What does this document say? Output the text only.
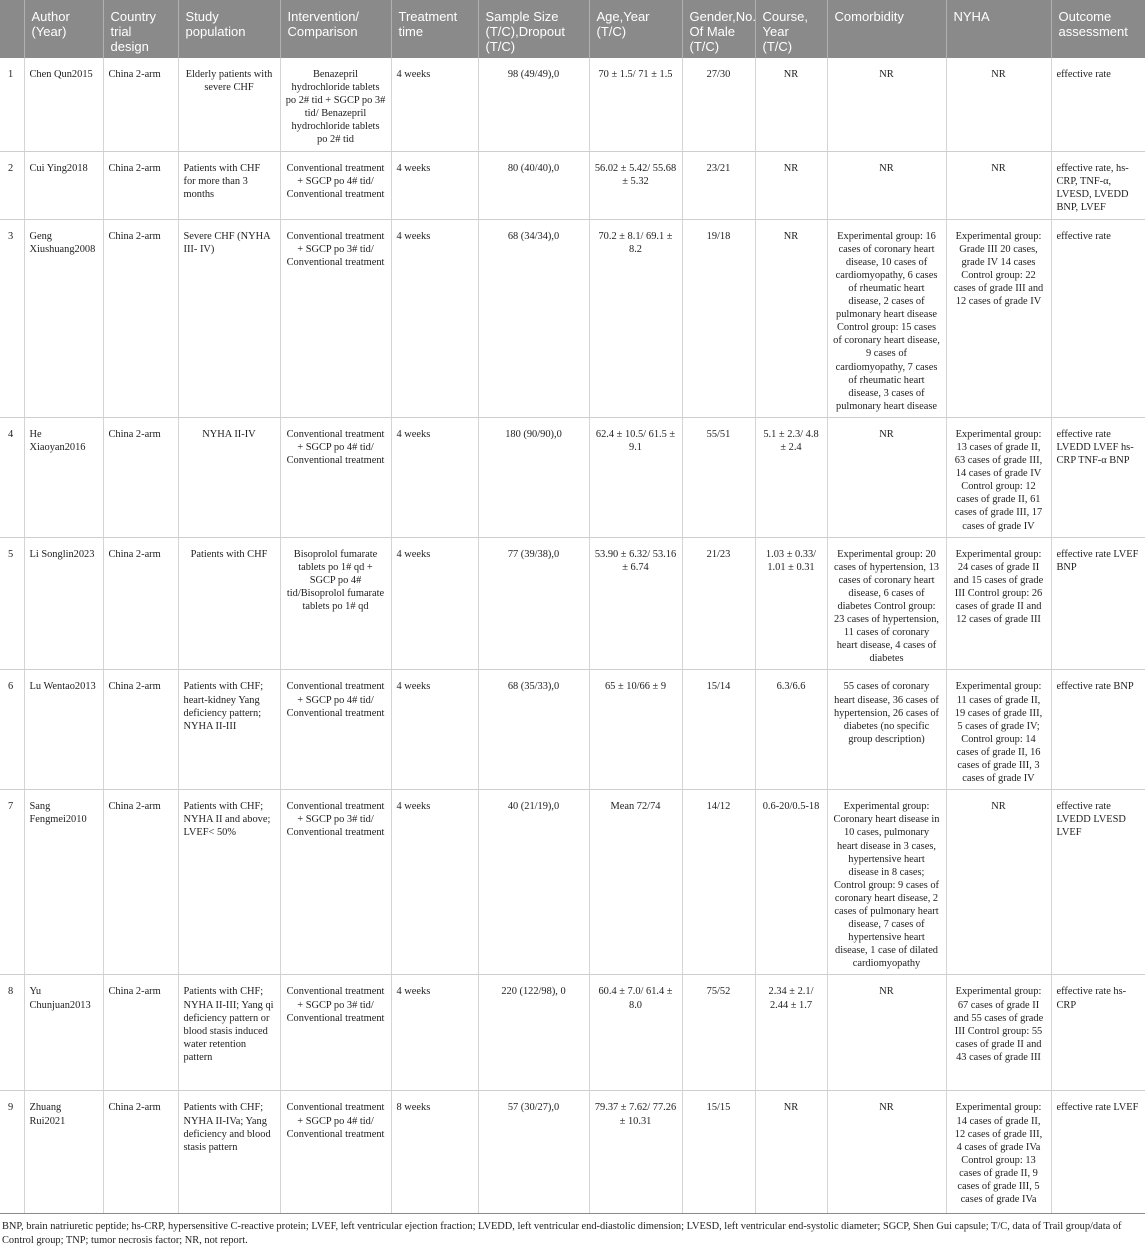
	Author (Year)	Country trial design	Study population	Intervention/ Comparison	Treatment time	Sample Size (T/C),Dropout (T/C)	Age,Year (T/C)	Gender,No. Of Male (T/C)	Course, Year (T/C)	Comorbidity	NYHA	Outcome assessment
1	Chen Qun2015	China 2-arm	Elderly patients with severe CHF	Benazepril hydrochloride tablets po 2# tid + SGCP po 3# tid/ Benazepril hydrochloride tablets po 2# tid	4 weeks	98 (49/49),0	70 ± 1.5/ 71 ± 1.5	27/30	NR	NR	NR	effective rate
2	Cui Ying2018	China 2-arm	Patients with CHF for more than 3 months	Conventional treatment + SGCP po 4# tid/ Conventional treatment	4 weeks	80 (40/40),0	56.02 ± 5.42/ 55.68 ± 5.32	23/21	NR	NR	NR	effective rate, hs-CRP, TNF-α, LVESD, LVEDD BNP, LVEF
3	Geng Xiushuang2008	China 2-arm	Severe CHF (NYHA III- IV)	Conventional treatment + SGCP po 3# tid/ Conventional treatment	4 weeks	68 (34/34),0	70.2 ± 8.1/ 69.1 ± 8.2	19/18	NR	Experimental group: 16 cases of coronary heart disease, 10 cases of cardiomyopathy, 6 cases of rheumatic heart disease, 2 cases of pulmonary heart disease Control group: 15 cases of coronary heart disease, 9 cases of cardiomyopathy, 7 cases of rheumatic heart disease, 3 cases of pulmonary heart disease	Experimental group: Grade III 20 cases, grade IV 14 cases Control group: 22 cases of grade III and 12 cases of grade IV	effective rate
4	He Xiaoyan2016	China 2-arm	NYHA II-IV	Conventional treatment + SGCP po 4# tid/ Conventional treatment	4 weeks	180 (90/90),0	62.4 ± 10.5/ 61.5 ± 9.1	55/51	5.1 ± 2.3/ 4.8 ± 2.4	NR	Experimental group: 13 cases of grade II, 63 cases of grade III, 14 cases of grade IV Control group: 12 cases of grade II, 61 cases of grade III, 17 cases of grade IV	effective rate LVEDD LVEF hs-CRP TNF-α BNP
5	Li Songlin2023	China 2-arm	Patients with CHF	Bisoprolol fumarate tablets po 1# qd + SGCP po 4# tid/Bisoprolol fumarate tablets po 1# qd	4 weeks	77 (39/38),0	53.90 ± 6.32/ 53.16 ± 6.74	21/23	1.03 ± 0.33/ 1.01 ± 0.31	Experimental group: 20 cases of hypertension, 13 cases of coronary heart disease, 6 cases of diabetes Control group: 23 cases of hypertension, 11 cases of coronary heart disease, 4 cases of diabetes	Experimental group: 24 cases of grade II and 15 cases of grade III Control group: 26 cases of grade II and 12 cases of grade III	effective rate LVEF BNP
6	Lu Wentao2013	China 2-arm	Patients with CHF; heart-kidney Yang deficiency pattern; NYHA II-III	Conventional treatment + SGCP po 4# tid/ Conventional treatment	4 weeks	68 (35/33),0	65 ± 10/66 ± 9	15/14	6.3/6.6	55 cases of coronary heart disease, 36 cases of hypertension, 26 cases of diabetes (no specific group description)	Experimental group: 11 cases of grade II, 19 cases of grade III, 5 cases of grade IV; Control group: 14 cases of grade II, 16 cases of grade III, 3 cases of grade IV	effective rate BNP
7	Sang Fengmei2010	China 2-arm	Patients with CHF; NYHA II and above; LVEF< 50%	Conventional treatment + SGCP po 3# tid/ Conventional treatment	4 weeks	40 (21/19),0	Mean 72/74	14/12	0.6-20/0.5-18	Experimental group: Coronary heart disease in 10 cases, pulmonary heart disease in 3 cases, hypertensive heart disease in 8 cases; Control group: 9 cases of coronary heart disease, 2 cases of pulmonary heart disease, 7 cases of hypertensive heart disease, 1 case of dilated cardiomyopathy	NR	effective rate LVEDD LVESD LVEF
8	Yu Chunjuan2013	China 2-arm	Patients with CHF; NYHA II-III; Yang qi deficiency pattern or blood stasis induced water retention pattern	Conventional treatment + SGCP po 3# tid/ Conventional treatment	4 weeks	220 (122/98), 0	60.4 ± 7.0/ 61.4 ± 8.0	75/52	2.34 ± 2.1/ 2.44 ± 1.7	NR	Experimental group: 67 cases of grade II and 55 cases of grade III Control group: 55 cases of grade II and 43 cases of grade III	effective rate hs-CRP
9	Zhuang Rui2021	China 2-arm	Patients with CHF; NYHA II-IVa; Yang deficiency and blood stasis pattern	Conventional treatment + SGCP po 4# tid/ Conventional treatment	8 weeks	57 (30/27),0	79.37 ± 7.62/ 77.26 ± 10.31	15/15	NR	NR	Experimental group: 14 cases of grade II, 12 cases of grade III, 4 cases of grade IVa Control group: 13 cases of grade II, 9 cases of grade III, 5 cases of grade IVa	effective rate LVEF
BNP, brain natriuretic peptide; hs-CRP, hypersensitive C-reactive protein; LVEF, left ventricular ejection fraction; LVEDD, left ventricular end-diastolic dimension; LVESD, left ventricular end-systolic diameter; SGCP, Shen Gui capsule; T/C, data of Trail group/data of Control group; TNP; tumor necrosis factor; NR, not report.
